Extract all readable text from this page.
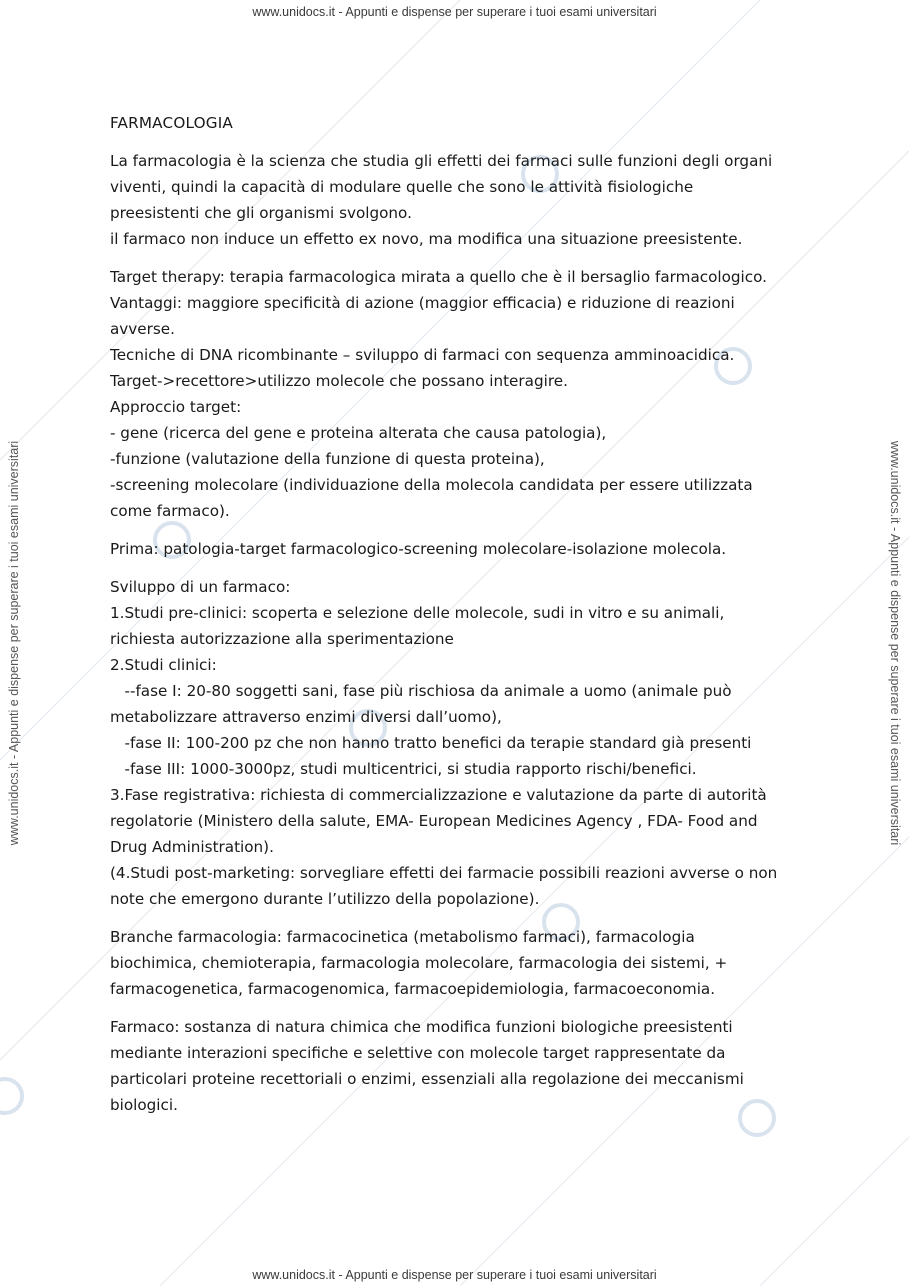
www.unidocs.it - Appunti e dispense per superare i tuoi esami universitari
www.unidocs.it - Appunti e dispense per superare i tuoi esami universitari
www.unidocs.it - Appunti e dispense per superare i tuoi esami universitari	www.unidocs.it - Appunti e dispense per superare i tuoi esami universitari

FARMACOLOGIA

La farmacologia è la scienza che studia gli effetti dei farmaci sulle funzioni degli organi
viventi, quindi la capacità di modulare quelle che sono le attività fisiologiche
preesistenti che gli organismi svolgono.
il farmaco non induce un effetto ex novo, ma modifica una situazione preesistente.

Target therapy: terapia farmacologica mirata a quello che è il bersaglio farmacologico.
Vantaggi: maggiore specificità di azione (maggior efficacia) e riduzione di reazioni
avverse.
Tecniche di DNA ricombinante – sviluppo di farmaci con sequenza amminoacidica.
Target->recettore>utilizzo molecole che possano interagire.
Approccio target:
- gene (ricerca del gene e proteina alterata che causa patologia),
-funzione (valutazione della funzione di questa proteina),
-screening molecolare (individuazione della molecola candidata per essere utilizzata
come farmaco).

Prima: patologia-target farmacologico-screening molecolare-isolazione molecola.

Sviluppo di un farmaco:
1.Studi pre-clinici: scoperta e selezione delle molecole, sudi in vitro e su animali,
richiesta autorizzazione alla sperimentazione
2.Studi clinici:
--fase I: 20-80 soggetti sani, fase più rischiosa da animale a uomo (animale può
metabolizzare attraverso enzimi diversi dall’uomo),
-fase II: 100-200 pz che non hanno tratto benefici da terapie standard già presenti
-fase III: 1000-3000pz, studi multicentrici, si studia rapporto rischi/benefici.
3.Fase registrativa: richiesta di commercializzazione e valutazione da parte di autorità
regolatorie (Ministero della salute, EMA- European Medicines Agency , FDA- Food and
Drug Administration).
(4.Studi post-marketing: sorvegliare effetti dei farmacie possibili reazioni avverse o non
note che emergono durante l’utilizzo della popolazione).

Branche farmacologia: farmacocinetica (metabolismo farmaci), farmacologia
biochimica, chemioterapia, farmacologia molecolare, farmacologia dei sistemi, +
farmacogenetica, farmacogenomica, farmacoepidemiologia, farmacoeconomia.

Farmaco: sostanza di natura chimica che modifica funzioni biologiche preesistenti
mediante interazioni specifiche e selettive con molecole target rappresentate da
particolari proteine recettoriali o enzimi, essenziali alla regolazione dei meccanismi
biologici.
